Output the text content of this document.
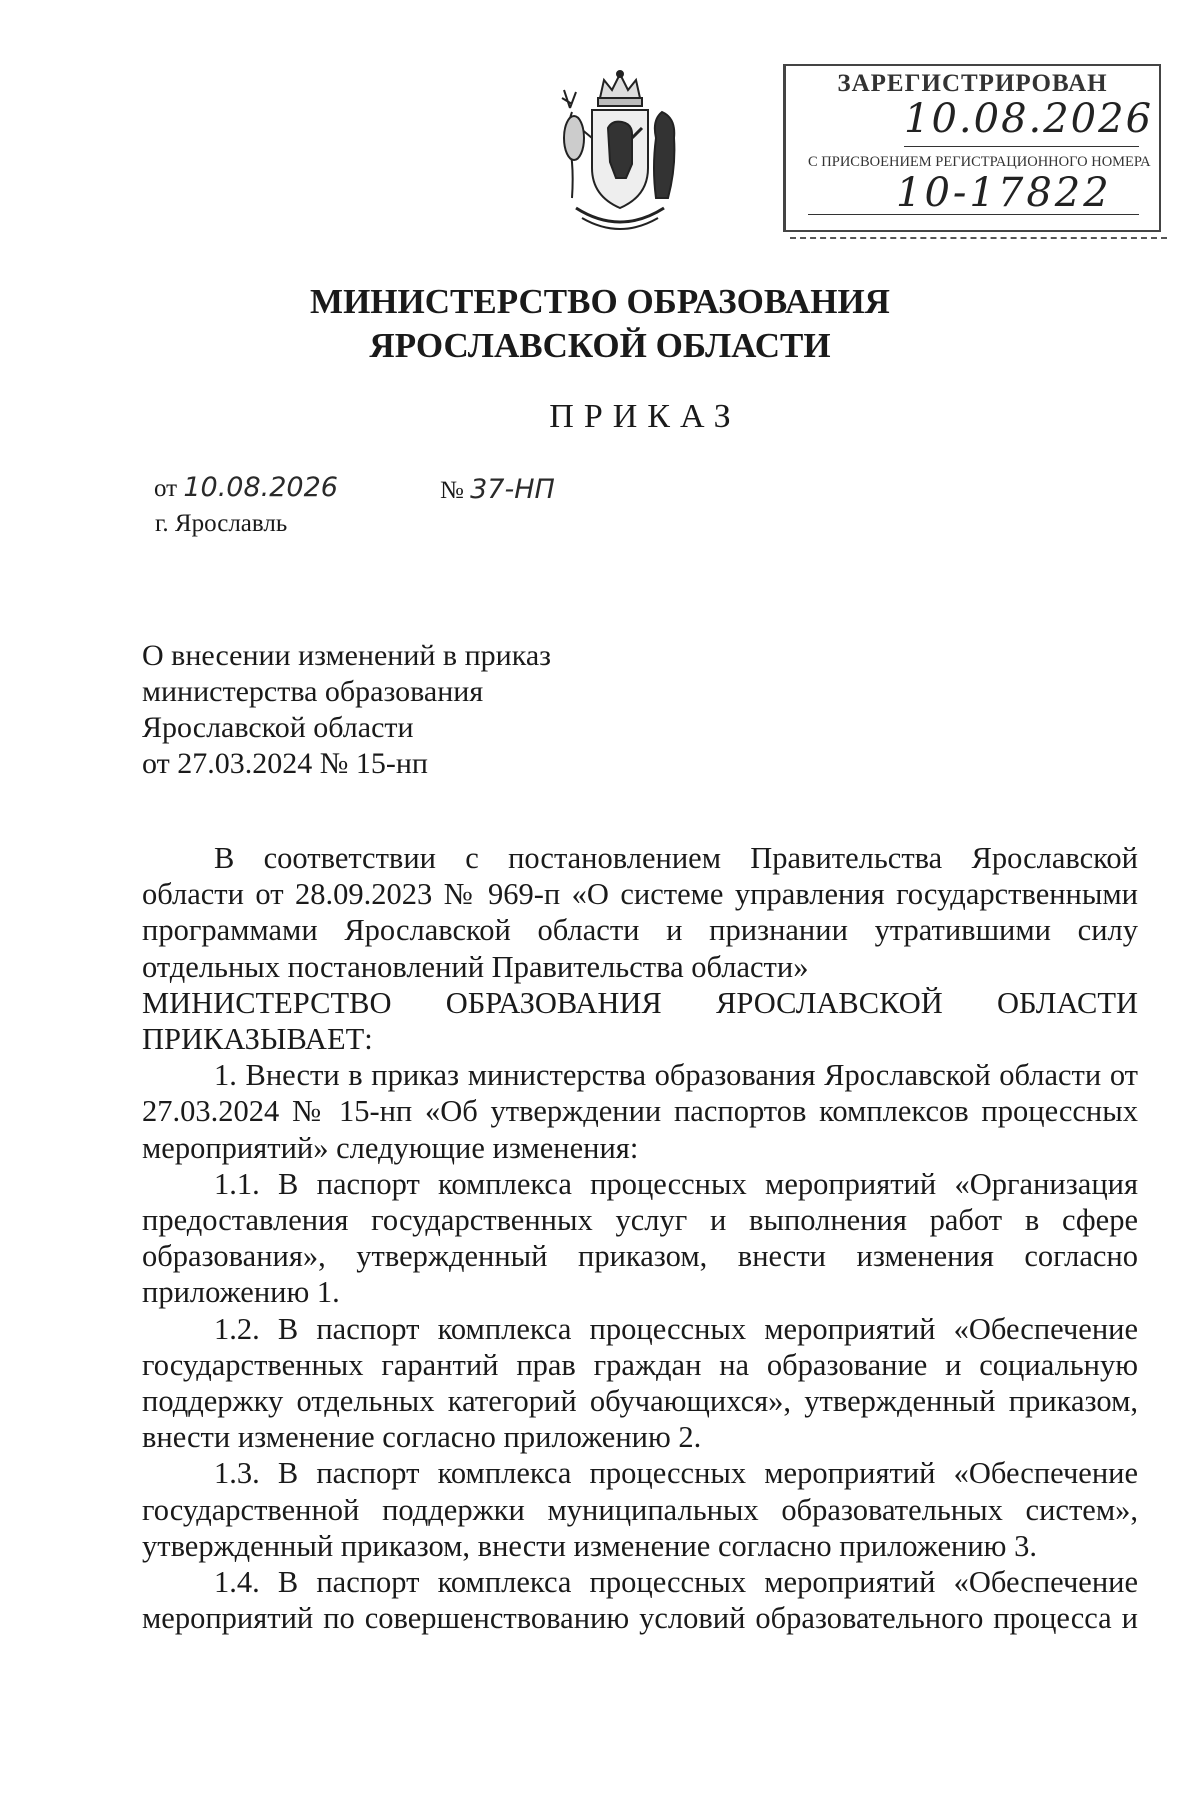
ЗАРЕГИСТРИРОВАН
10.08.2026
С ПРИСВОЕНИЕМ РЕГИСТРАЦИОННОГО НОМЕРА
10-17822
МИНИСТЕРСТВО ОБРАЗОВАНИЯ
ЯРОСЛАВСКОЙ ОБЛАСТИ
ПРИКАЗ
от 10.08.2026	№ 37-НП
г. Ярославль
О внесении изменений в приказ
министерства образования
Ярославской области
от 27.03.2024 № 15-нп

В соответствии с постановлением Правительства Ярославской области от 28.09.2023 № 969-п «О системе управления государственными программами Ярославской области и признании утратившими силу отдельных постановлений Правительства области»

МИНИСТЕРСТВО ОБРАЗОВАНИЯ ЯРОСЛАВСКОЙ ОБЛАСТИ

ПРИКАЗЫВАЕТ:

1. Внести в приказ министерства образования Ярославской области от 27.03.2024 № 15-нп «Об утверждении паспортов комплексов процессных мероприятий» следующие изменения:

1.1. В паспорт комплекса процессных мероприятий «Организация предоставления государственных услуг и выполнения работ в сфере образования», утвержденный приказом, внести изменения согласно приложению 1.

1.2. В паспорт комплекса процессных мероприятий «Обеспечение государственных гарантий прав граждан на образование и социальную поддержку отдельных категорий обучающихся», утвержденный приказом, внести изменение согласно приложению 2.

1.3. В паспорт комплекса процессных мероприятий «Обеспечение государственной поддержки муниципальных образовательных систем», утвержденный приказом, внести изменение согласно приложению 3.

1.4. В паспорт комплекса процессных мероприятий «Обеспечение мероприятий по совершенствованию условий образовательного процесса и
